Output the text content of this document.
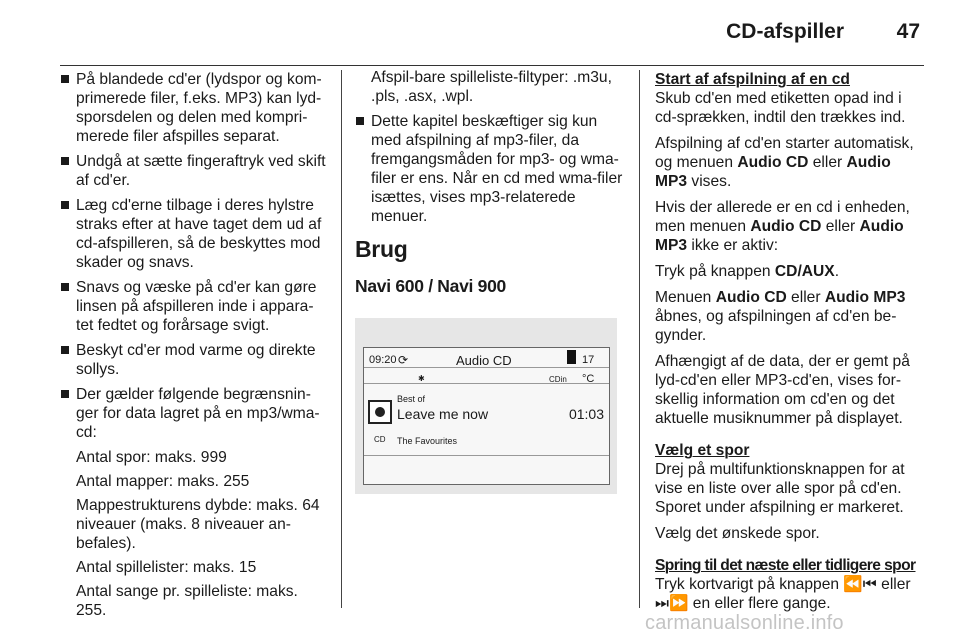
CD-afspiller	47
På blandede cd'er (lydspor og kom-primerede filer, f.eks. MP3) kan lyd-sporsdelen og delen med kompri-merede filer afspilles separat.
Undgå at sætte fingeraftryk ved skift af cd'er.
Læg cd'erne tilbage i deres hylstre straks efter at have taget dem ud af cd-afspilleren, så de beskyttes mod skader og snavs.
Snavs og væske på cd'er kan gøre linsen på afspilleren inde i appara-tet fedtet og forårsage svigt.
Beskyt cd'er mod varme og direkte sollys.
Der gælder følgende begrænsnin-ger for data lagret på en mp3/wma-cd:

Antal spor: maks. 999

Antal mapper: maks. 255

Mappestrukturens dybde: maks. 64 niveauer (maks. 8 niveauer an-befales).

Antal spillelister: maks. 15

Antal sange pr. spilleliste: maks. 255.

Afspil-bare spilleliste-filtyper: .m3u, .pls, .asx, .wpl.

Dette kapitel beskæftiger sig kun med afspilning af mp3-filer, da fremgangsmåden for mp3- og wma-filer er ens. Når en cd med wma-filer isættes, vises mp3-relaterede menuer.
Brug
Navi 600 / Navi 900
09:20 ⟳	Audio CD	17 °C
✱	CDin
Best of
Leave me now	01:03
CD The Favourites

Start af afspilning af en cd

Skub cd'en med etiketten opad ind i cd-sprækken, indtil den trækkes ind.

Afspilning af cd'en starter automatisk, og menuen Audio CD eller Audio MP3 vises.

Hvis der allerede er en cd i enheden, men menuen Audio CD eller Audio MP3 ikke er aktiv:

Tryk på knappen CD/AUX.

Menuen Audio CD eller Audio MP3 åbnes, og afspilningen af cd'en be-gynder.

Afhængigt af de data, der er gemt på lyd-cd'en eller MP3-cd'en, vises for-skellig information om cd'en og det aktuelle musiknummer på displayet.

Vælg et spor

Drej på multifunktionsknappen for at vise en liste over alle spor på cd'en. Sporet under afspilning er markeret.

Vælg det ønskede spor.

Spring til det næste eller tidligere spor

Tryk kortvarigt på knappen ⏪⏮ eller
⏭⏩ en eller flere gange.

carmanualsonline.info
